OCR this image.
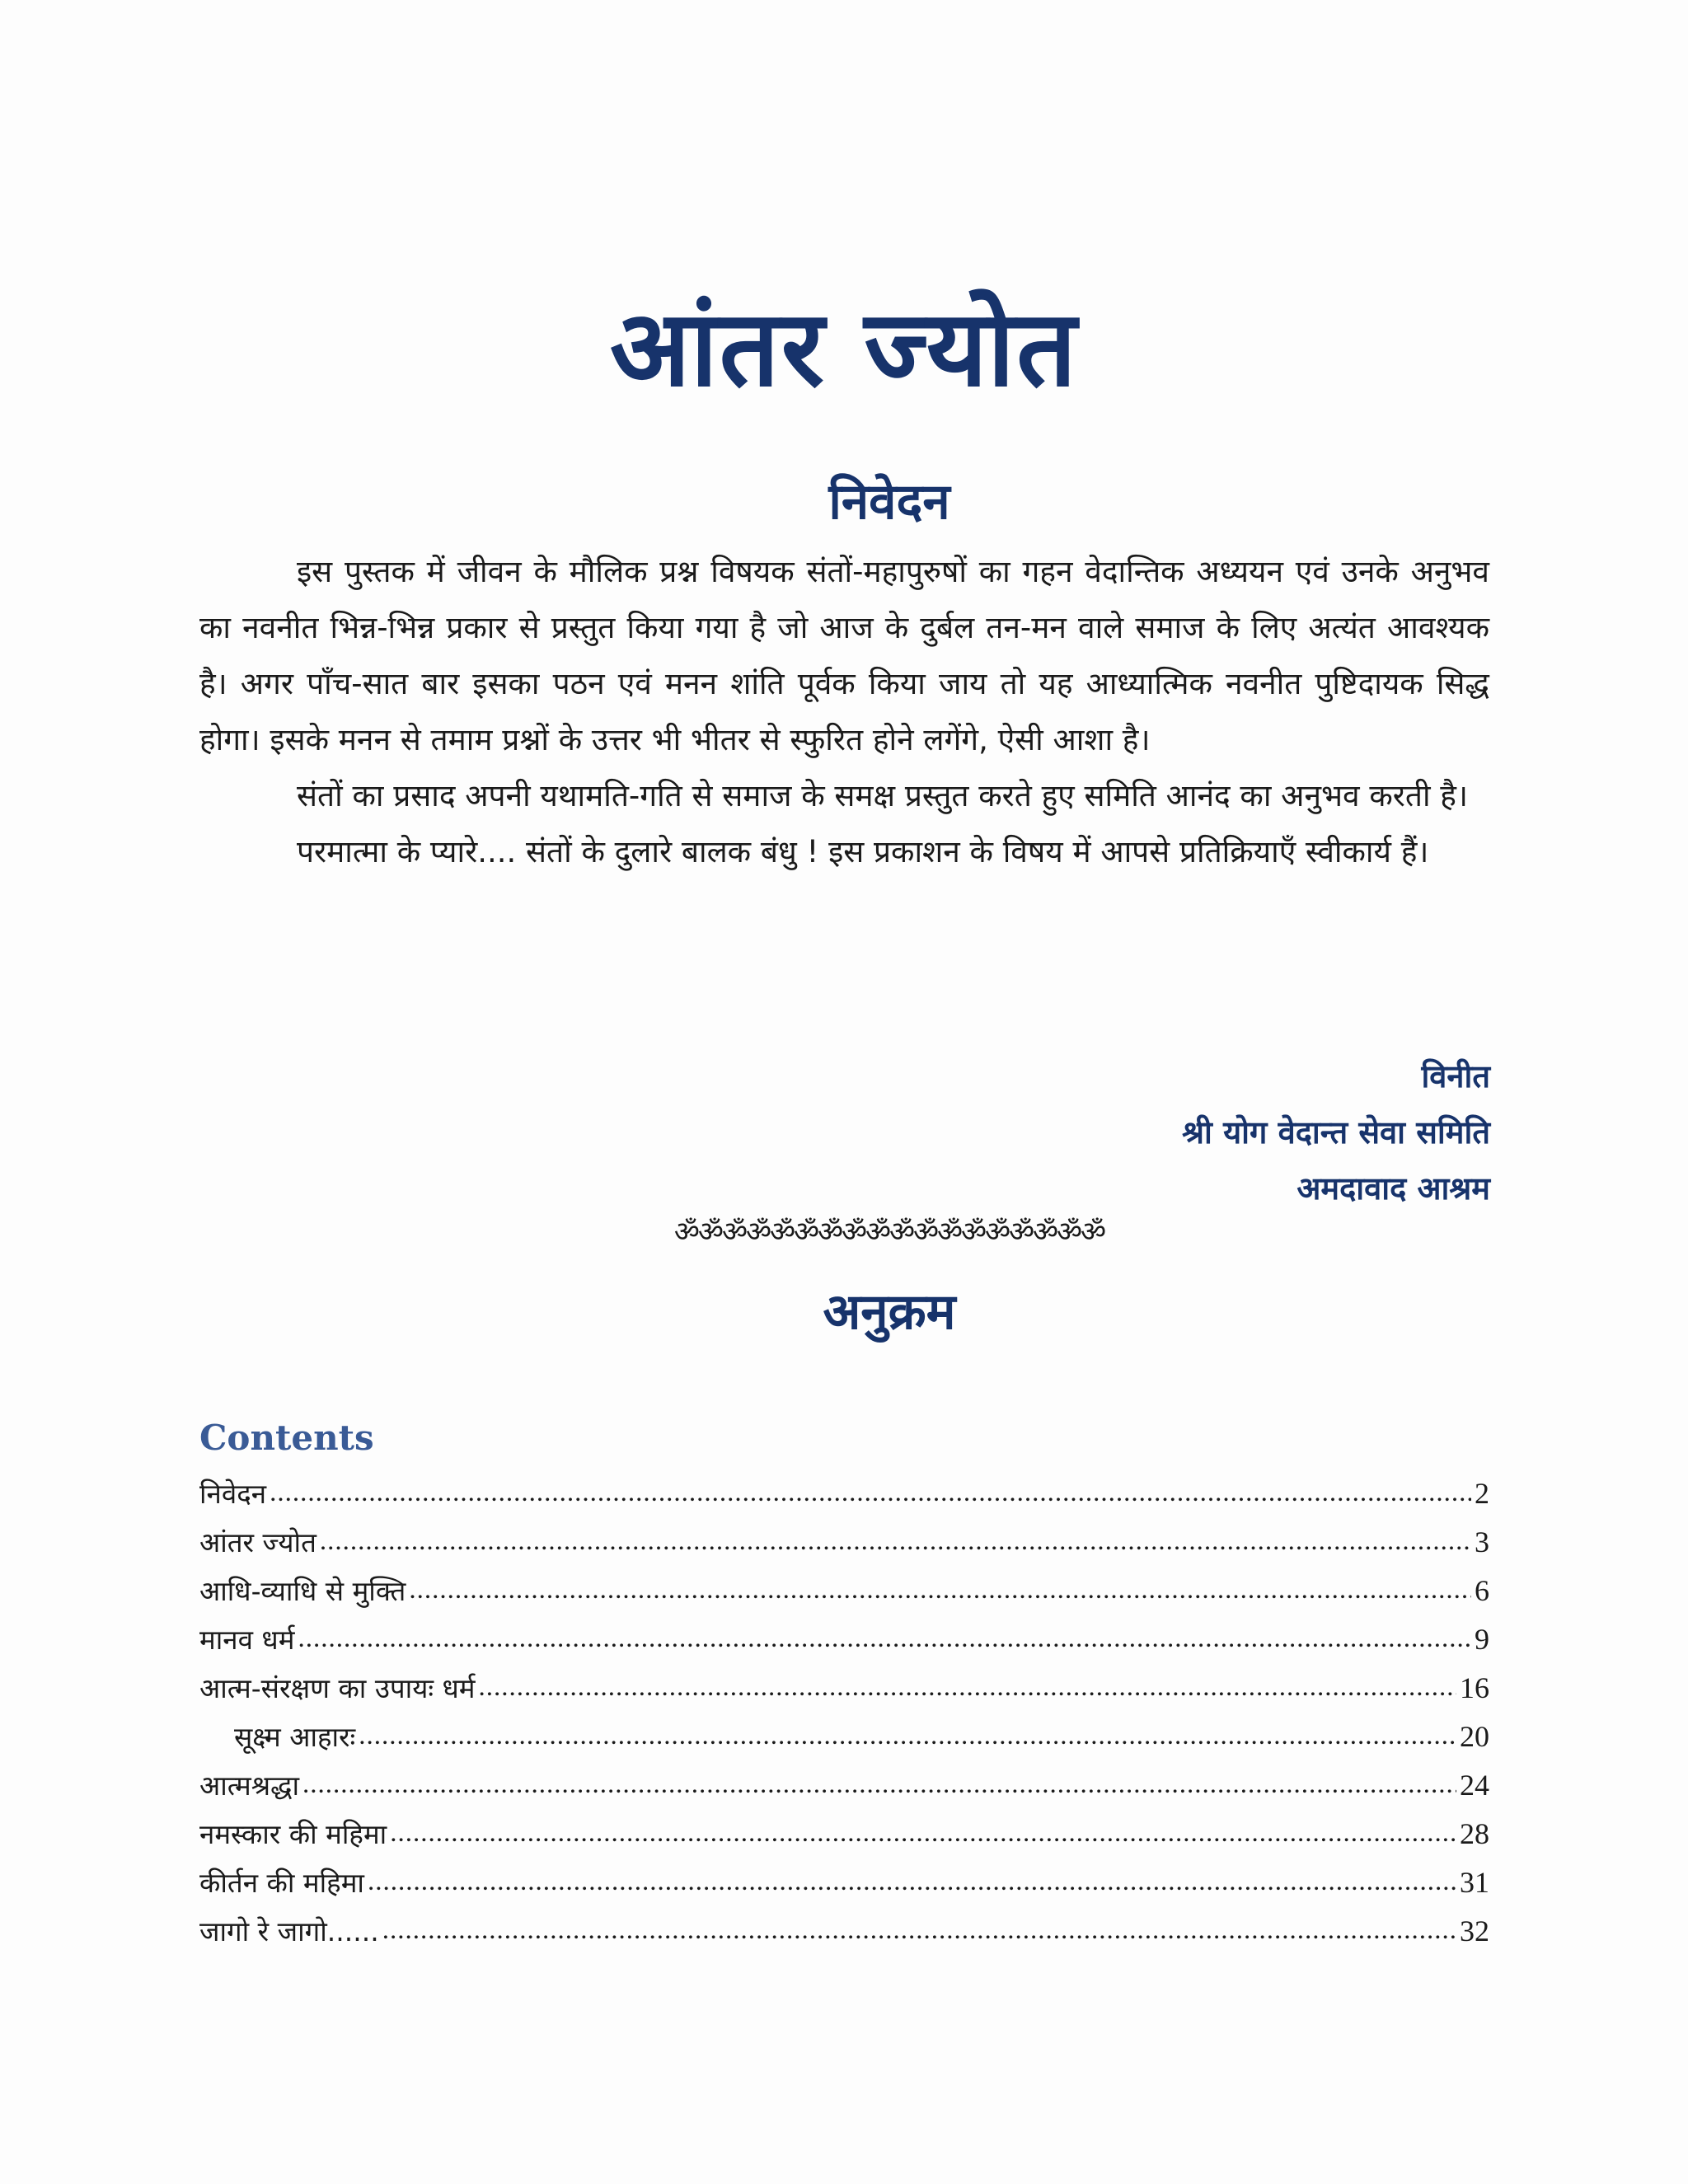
आंतर ज्योत
निवेदन

इस पुस्तक में जीवन के मौलिक प्रश्न विषयक संतों-महापुरुषों का गहन वेदान्तिक अध्ययन एवं उनके अनुभव का नवनीत भिन्न-भिन्न प्रकार से प्रस्तुत किया गया है जो आज के दुर्बल तन-मन वाले समाज के लिए अत्यंत आवश्यक है। अगर पाँच-सात बार इसका पठन एवं मनन शांति पूर्वक किया जाय तो यह आध्यात्मिक नवनीत पुष्टिदायक सिद्ध होगा। इसके मनन से तमाम प्रश्नों के उत्तर भी भीतर से स्फुरित होने लगेंगे, ऐसी आशा है।

संतों का प्रसाद अपनी यथामति-गति से समाज के समक्ष प्रस्तुत करते हुए समिति आनंद का अनुभव करती है।

परमात्मा के प्यारे.... संतों के दुलारे बालक बंधु ! इस प्रकाशन के विषय में आपसे प्रतिक्रियाएँ स्वीकार्य हैं।

विनीत
श्री योग वेदान्त सेवा समिति
अमदावाद आश्रम
ॐॐॐॐॐॐॐॐॐॐॐॐॐॐॐॐॐॐ
अनुक्रम
Contents
निवेदन .....	2
आंतर ज्योत .....	3
आधि-व्याधि से मुक्ति .....	6
मानव धर्म .....	9
आत्म-संरक्षण का उपायः धर्म .....	16
सूक्ष्म आहारः .....	20
आत्मश्रद्धा .....	24
नमस्कार की महिमा .....	28
कीर्तन की महिमा .....	31
जागो रे जागो...... .....	32
